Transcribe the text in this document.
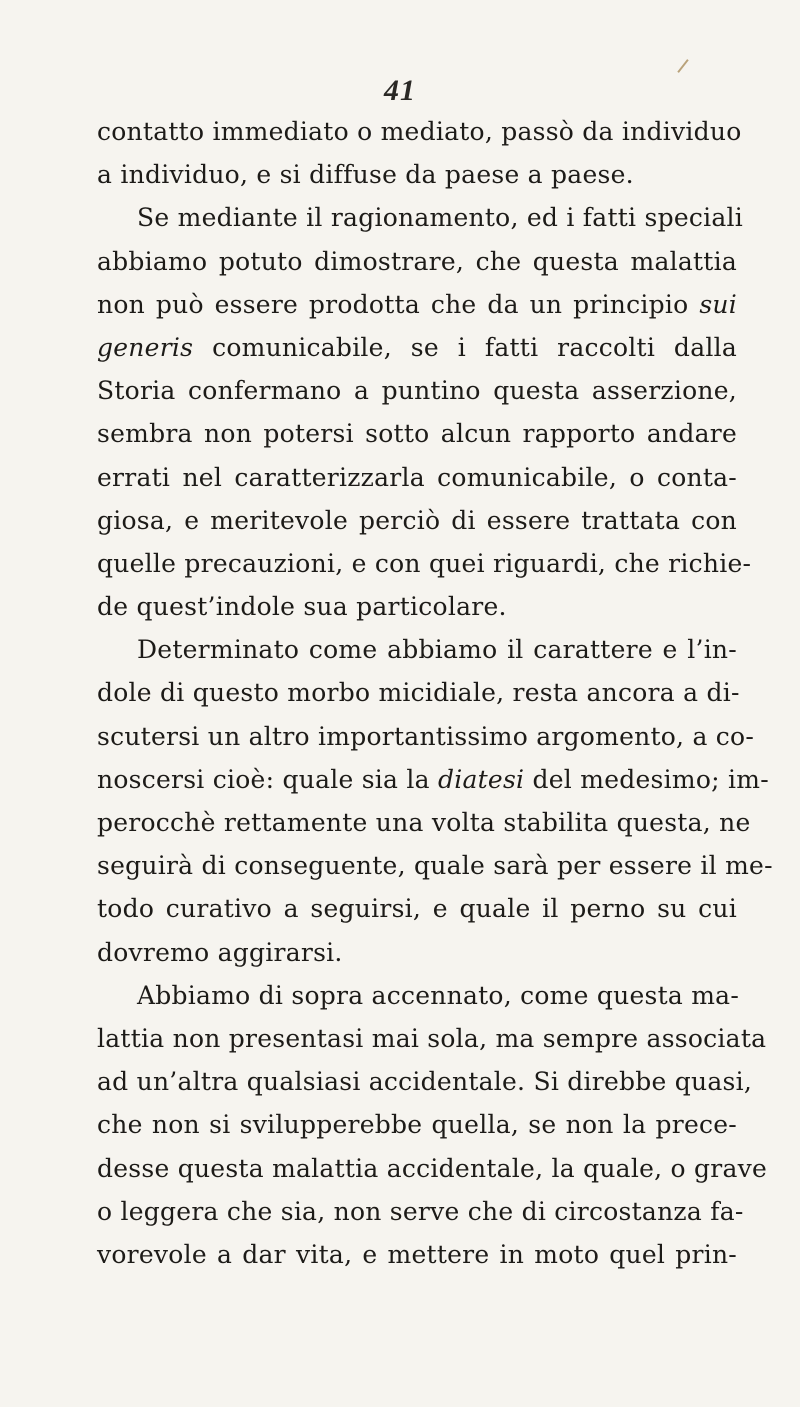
41
contatto immediato o mediato, passò da individuo
a individuo, e si diffuse da paese a paese.
Se mediante il ragionamento, ed i fatti speciali
abbiamo potuto dimostrare, che questa malattia
non può essere prodotta che da un principio sui
generis comunicabile, se i fatti raccolti dalla
Storia confermano a puntino questa asserzione,
sembra non potersi sotto alcun rapporto andare
errati nel caratterizzarla comunicabile, o conta-
giosa, e meritevole perciò di essere trattata con
quelle precauzioni, e con quei riguardi, che richie-
de quest’indole sua particolare.
Determinato come abbiamo il carattere e l’in-
dole di questo morbo micidiale, resta ancora a di-
scutersi un altro importantissimo argomento, a co-
noscersi cioè: quale sia la diatesi del medesimo; im-
perocchè rettamente una volta stabilita questa, ne
seguirà di conseguente, quale sarà per essere il me-
todo curativo a seguirsi, e quale il perno su cui
dovremo aggirarsi.
Abbiamo di sopra accennato, come questa ma-
lattia non presentasi mai sola, ma sempre associata
ad un’altra qualsiasi accidentale. Si direbbe quasi,
che non si svilupperebbe quella, se non la prece-
desse questa malattia accidentale, la quale, o grave
o leggera che sia, non serve che di circostanza fa-
vorevole a dar vita, e mettere in moto quel prin-
